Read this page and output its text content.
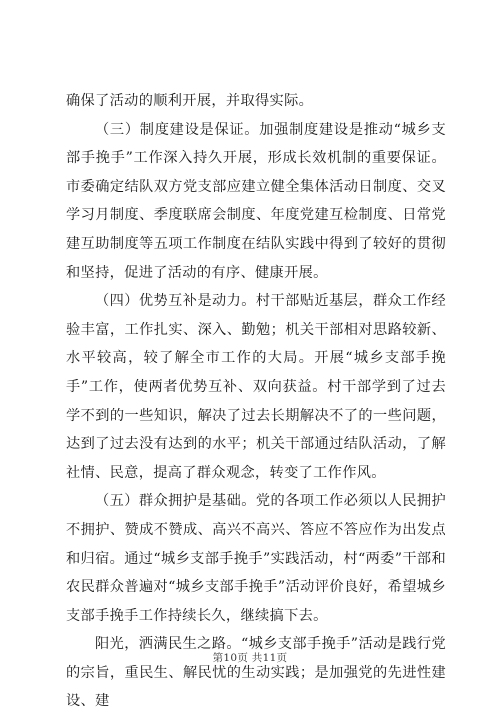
确保了活动的顺利开展，并取得实际。

（三）制度建设是保证。加强制度建设是推动“城乡支部手挽手”工作深入持久开展，形成长效机制的重要保证。市委确定结队双方党支部应建立健全集体活动日制度、交叉学习月制度、季度联席会制度、年度党建互检制度、日常党建互助制度等五项工作制度在结队实践中得到了较好的贯彻和坚持，促进了活动的有序、健康开展。

（四）优势互补是动力。村干部贴近基层，群众工作经验丰富，工作扎实、深入、勤勉；机关干部相对思路较新、水平较高，较了解全市工作的大局。开展“城乡支部手挽手”工作，使两者优势互补、双向获益。村干部学到了过去学不到的一些知识，解决了过去长期解决不了的一些问题，达到了过去没有达到的水平；机关干部通过结队活动，了解社情、民意，提高了群众观念，转变了工作作风。

（五）群众拥护是基础。党的各项工作必须以人民拥护不拥护、赞成不赞成、高兴不高兴、答应不答应作为出发点和归宿。通过“城乡支部手挽手”实践活动，村“两委”干部和农民群众普遍对“城乡支部手挽手”活动评价良好，希望城乡支部手挽手工作持续长久，继续搞下去。

阳光，洒满民生之路。“城乡支部手挽手”活动是践行党的宗旨，重民生、解民忧的生动实践；是加强党的先进性建设、建

第10页 共11页
